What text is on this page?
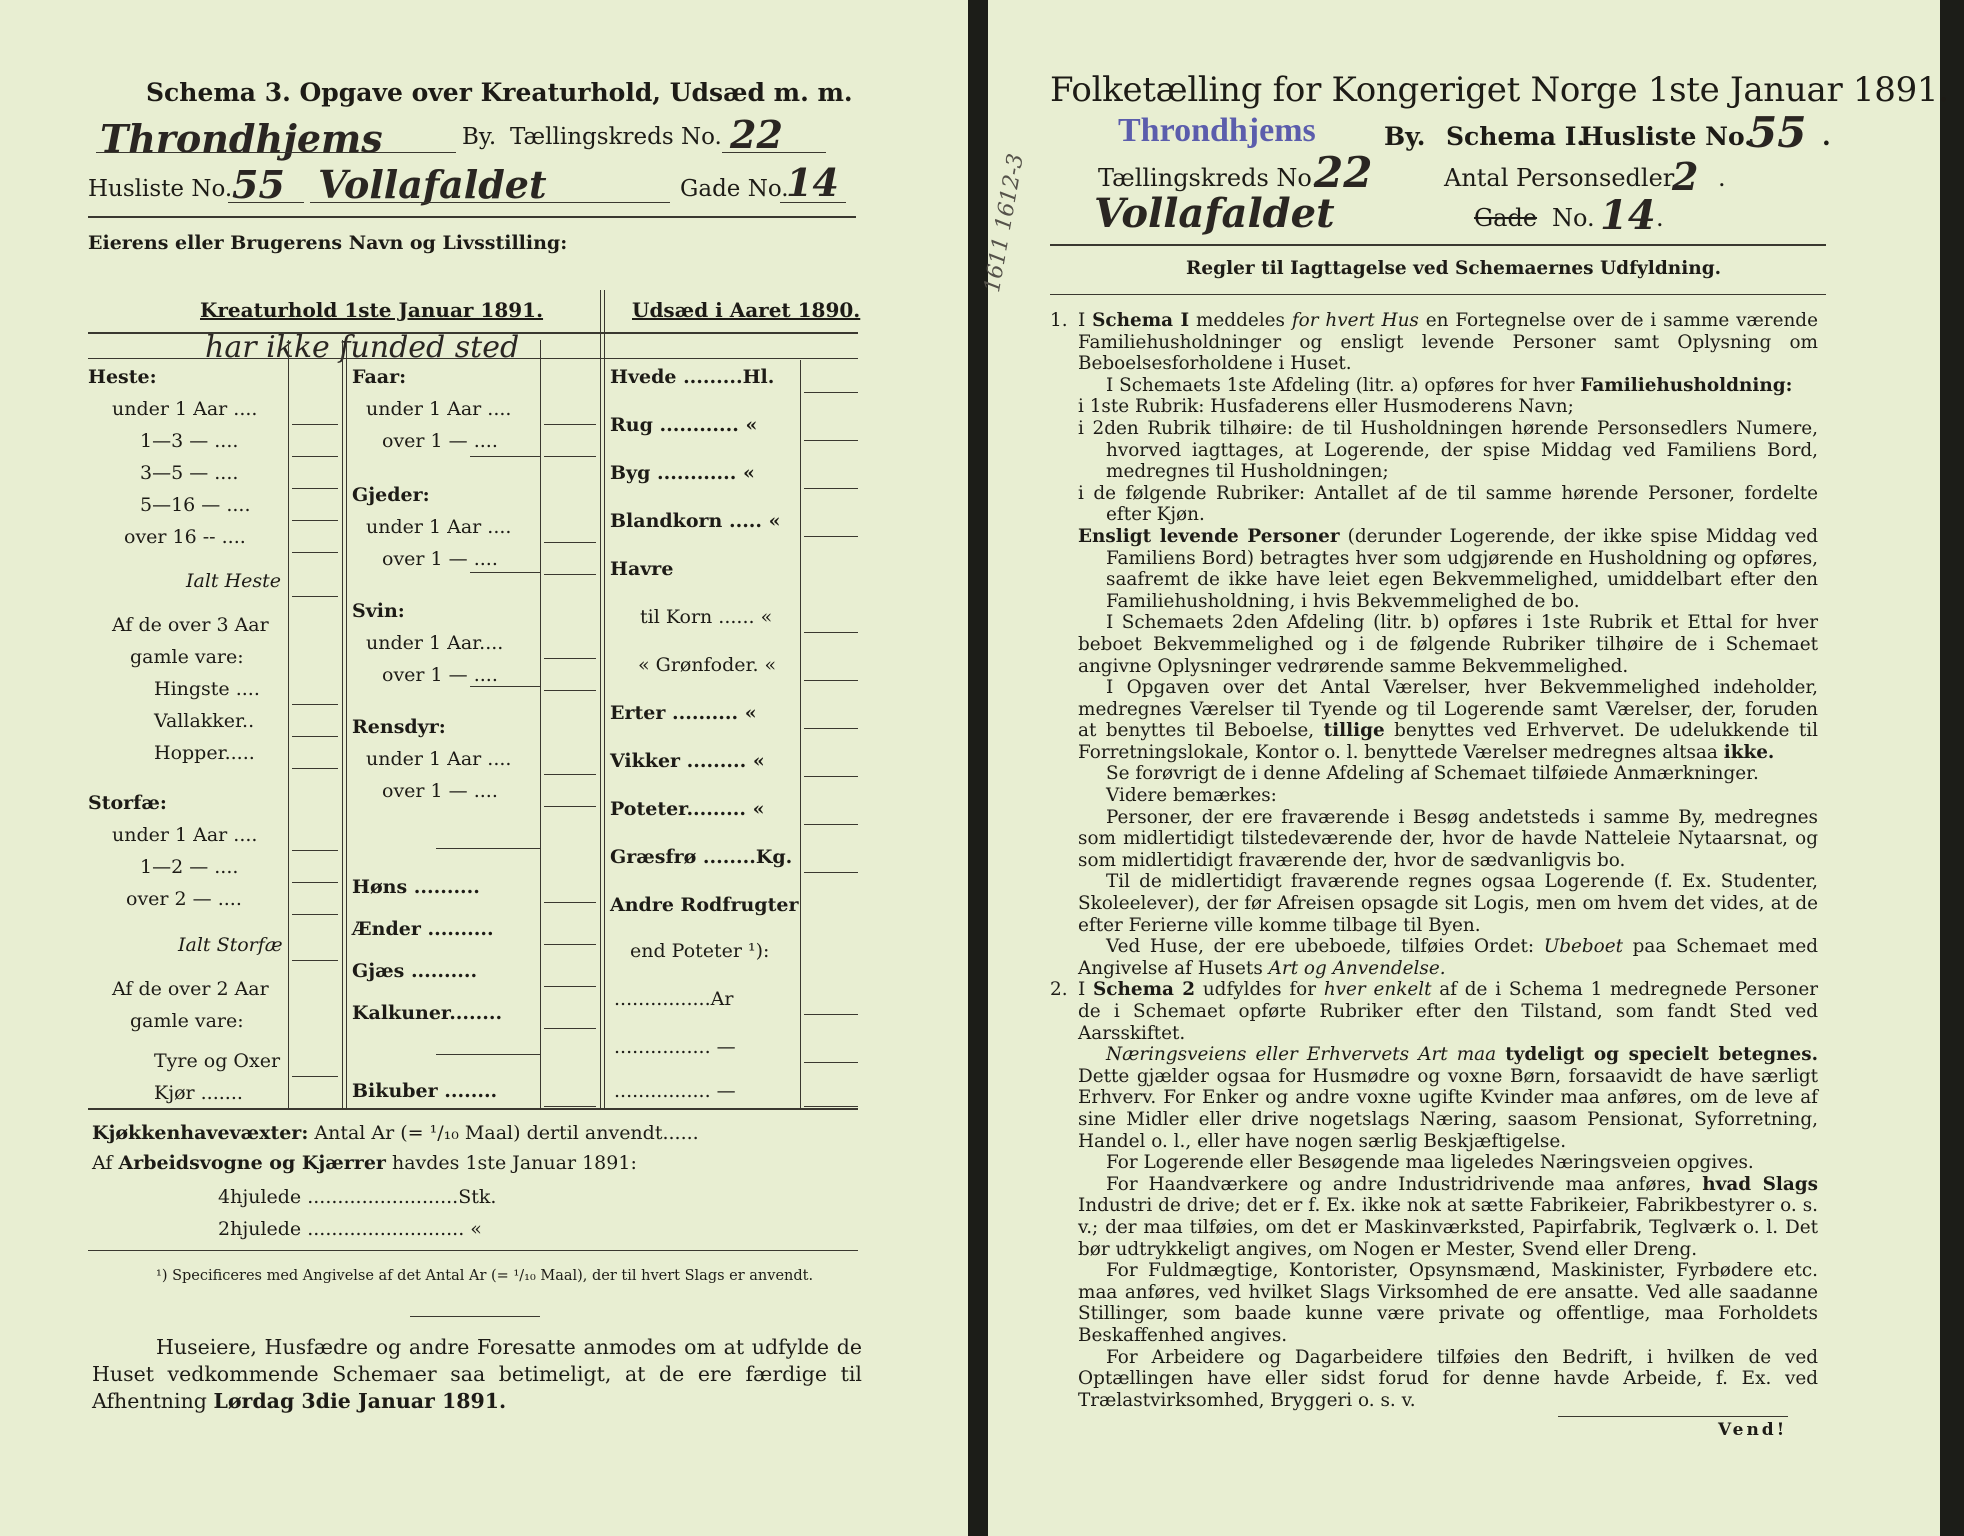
Schema 3. Opgave over Kreaturhold, Udsæd m. m.
Throndhjems	By. Tællingskreds No. 22
Husliste No. 55 Vollafaldet	Gade No.
14
Eierens eller Brugerens Navn og Livsstilling:
Kreaturhold 1ste Januar 1891.	Udsæd i Aaret 1890.
har ikke funded sted
Heste:
under 1 Aar ....
1—3 — ....
3—5 — ....
5—16 — ....
over 16 -- ....
Ialt Heste
Af de over 3 Aar
gamle vare:
Hingste ....
Vallakker..
Hopper.....
Storfæ:
under 1 Aar ....
1—2 — ....
over 2 — ....
Ialt Storfæ
Af de over 2 Aar
gamle vare:
Tyre og Oxer
Kjør .......
Faar:
under 1 Aar ....
over 1 — ....
Gjeder:
under 1 Aar ....
over 1 — ....
Svin:
under 1 Aar....
over 1 — ....
Rensdyr:
under 1 Aar ....
over 1 — ....
Høns ..........
Ænder ..........
Gjæs ..........
Kalkuner........
Bikuber ........
Hvede .........Hl.
Rug ............ «
Byg ............ «
Blandkorn ..... «
Havre
til Korn ...... «
« Grønfoder. «
Erter .......... «
Vikker ......... «
Poteter......... «
Græsfrø ........Kg.
Andre Rodfrugter
end Poteter ¹):
................Ar
................ —
................ —
Kjøkkenhavevæxter: Antal Ar (= ¹/₁₀ Maal) dertil anvendt......
Af Arbeidsvogne og Kjærrer havdes 1ste Januar 1891:
4hjulede .........................Stk.
2hjulede .......................... «
¹) Specificeres med Angivelse af det Antal Ar (= ¹/₁₀ Maal), der til hvert Slags er anvendt.
Huseiere, Husfædre og andre Foresatte anmodes om at udfylde de Huset vedkommende Schemaer saa betimeligt, at de ere færdige til Afhentning Lørdag 3die Januar 1891.
Folketælling for Kongeriget Norge 1ste Januar 1891.
Throndhjems	By. Schema I.
Husliste No.
55 .
Tællingskreds No.
22	Antal Personsedler
2 .
Vollafaldet	Gade No. 14 .
1611 1612-3	Regler til Iagttagelse ved Schemaernes Udfyldning.

1. I Schema I meddeles for hvert Hus en Fortegnelse over de i samme værende Familiehusholdninger og ensligt levende Personer samt Oplysning om Beboelsesforholdene i Huset.

I Schemaets 1ste Afdeling (litr. a) opføres for hver Familiehusholdning:

i 1ste Rubrik: Husfaderens eller Husmoderens Navn;

i 2den Rubrik tilhøire: de til Husholdningen hørende Personsedlers Numere, hvorved iagttages, at Logerende, der spise Middag ved Familiens Bord, medregnes til Husholdningen;

i de følgende Rubriker: Antallet af de til samme hørende Personer, fordelte efter Kjøn.

Ensligt levende Personer (derunder Logerende, der ikke spise Middag ved Familiens Bord) betragtes hver som udgjørende en Husholdning og opføres, saafremt de ikke have leiet egen Bekvemmelighed, umiddelbart efter den Familiehusholdning, i hvis Bekvemmelighed de bo.

I Schemaets 2den Afdeling (litr. b) opføres i 1ste Rubrik et Ettal for hver beboet Bekvemmelighed og i de følgende Rubriker tilhøire de i Schemaet angivne Oplysninger vedrørende samme Bekvemmelighed.

I Opgaven over det Antal Værelser, hver Bekvemmelighed indeholder, medregnes Værelser til Tyende og til Logerende samt Værelser, der, foruden at benyttes til Beboelse, tillige benyttes ved Erhvervet. De udelukkende til Forretningslokale, Kontor o. l. benyttede Værelser medregnes altsaa ikke.

Se forøvrigt de i denne Afdeling af Schemaet tilføiede Anmærkninger.

Videre bemærkes:

Personer, der ere fraværende i Besøg andetsteds i samme By, medregnes som midlertidigt tilstedeværende der, hvor de havde Natteleie Nytaarsnat, og som midlertidigt fraværende der, hvor de sædvanligvis bo.

Til de midlertidigt fraværende regnes ogsaa Logerende (f. Ex. Studenter, Skoleelever), der før Afreisen opsagde sit Logis, men om hvem det vides, at de efter Ferierne ville komme tilbage til Byen.

Ved Huse, der ere ubeboede, tilføies Ordet: Ubeboet paa Schemaet med Angivelse af Husets Art og Anvendelse.

2. I Schema 2 udfyldes for hver enkelt af de i Schema 1 medregnede Personer de i Schemaet opførte Rubriker efter den Tilstand, som fandt Sted ved Aarsskiftet.

Næringsveiens eller Erhvervets Art maa tydeligt og specielt betegnes. Dette gjælder ogsaa for Husmødre og voxne Børn, forsaavidt de have særligt Erhverv. For Enker og andre voxne ugifte Kvinder maa anføres, om de leve af sine Midler eller drive nogetslags Næring, saasom Pensionat, Syforretning, Handel o. l., eller have nogen særlig Beskjæftigelse.

For Logerende eller Besøgende maa ligeledes Næringsveien opgives.

For Haandværkere og andre Industridrivende maa anføres, hvad Slags Industri de drive; det er f. Ex. ikke nok at sætte Fabrikeier, Fabrikbestyrer o. s. v.; der maa tilføies, om det er Maskinværksted, Papirfabrik, Teglværk o. l. Det bør udtrykkeligt angives, om Nogen er Mester, Svend eller Dreng.

For Fuldmægtige, Kontorister, Opsynsmænd, Maskinister, Fyrbødere etc. maa anføres, ved hvilket Slags Virksomhed de ere ansatte. Ved alle saadanne Stillinger, som baade kunne være private og offentlige, maa Forholdets Beskaffenhed angives.

For Arbeidere og Dagarbeidere tilføies den Bedrift, i hvilken de ved Optællingen have eller sidst forud for denne havde Arbeide, f. Ex. ved Trælastvirksomhed, Bryggeri o. s. v.

Vend!
